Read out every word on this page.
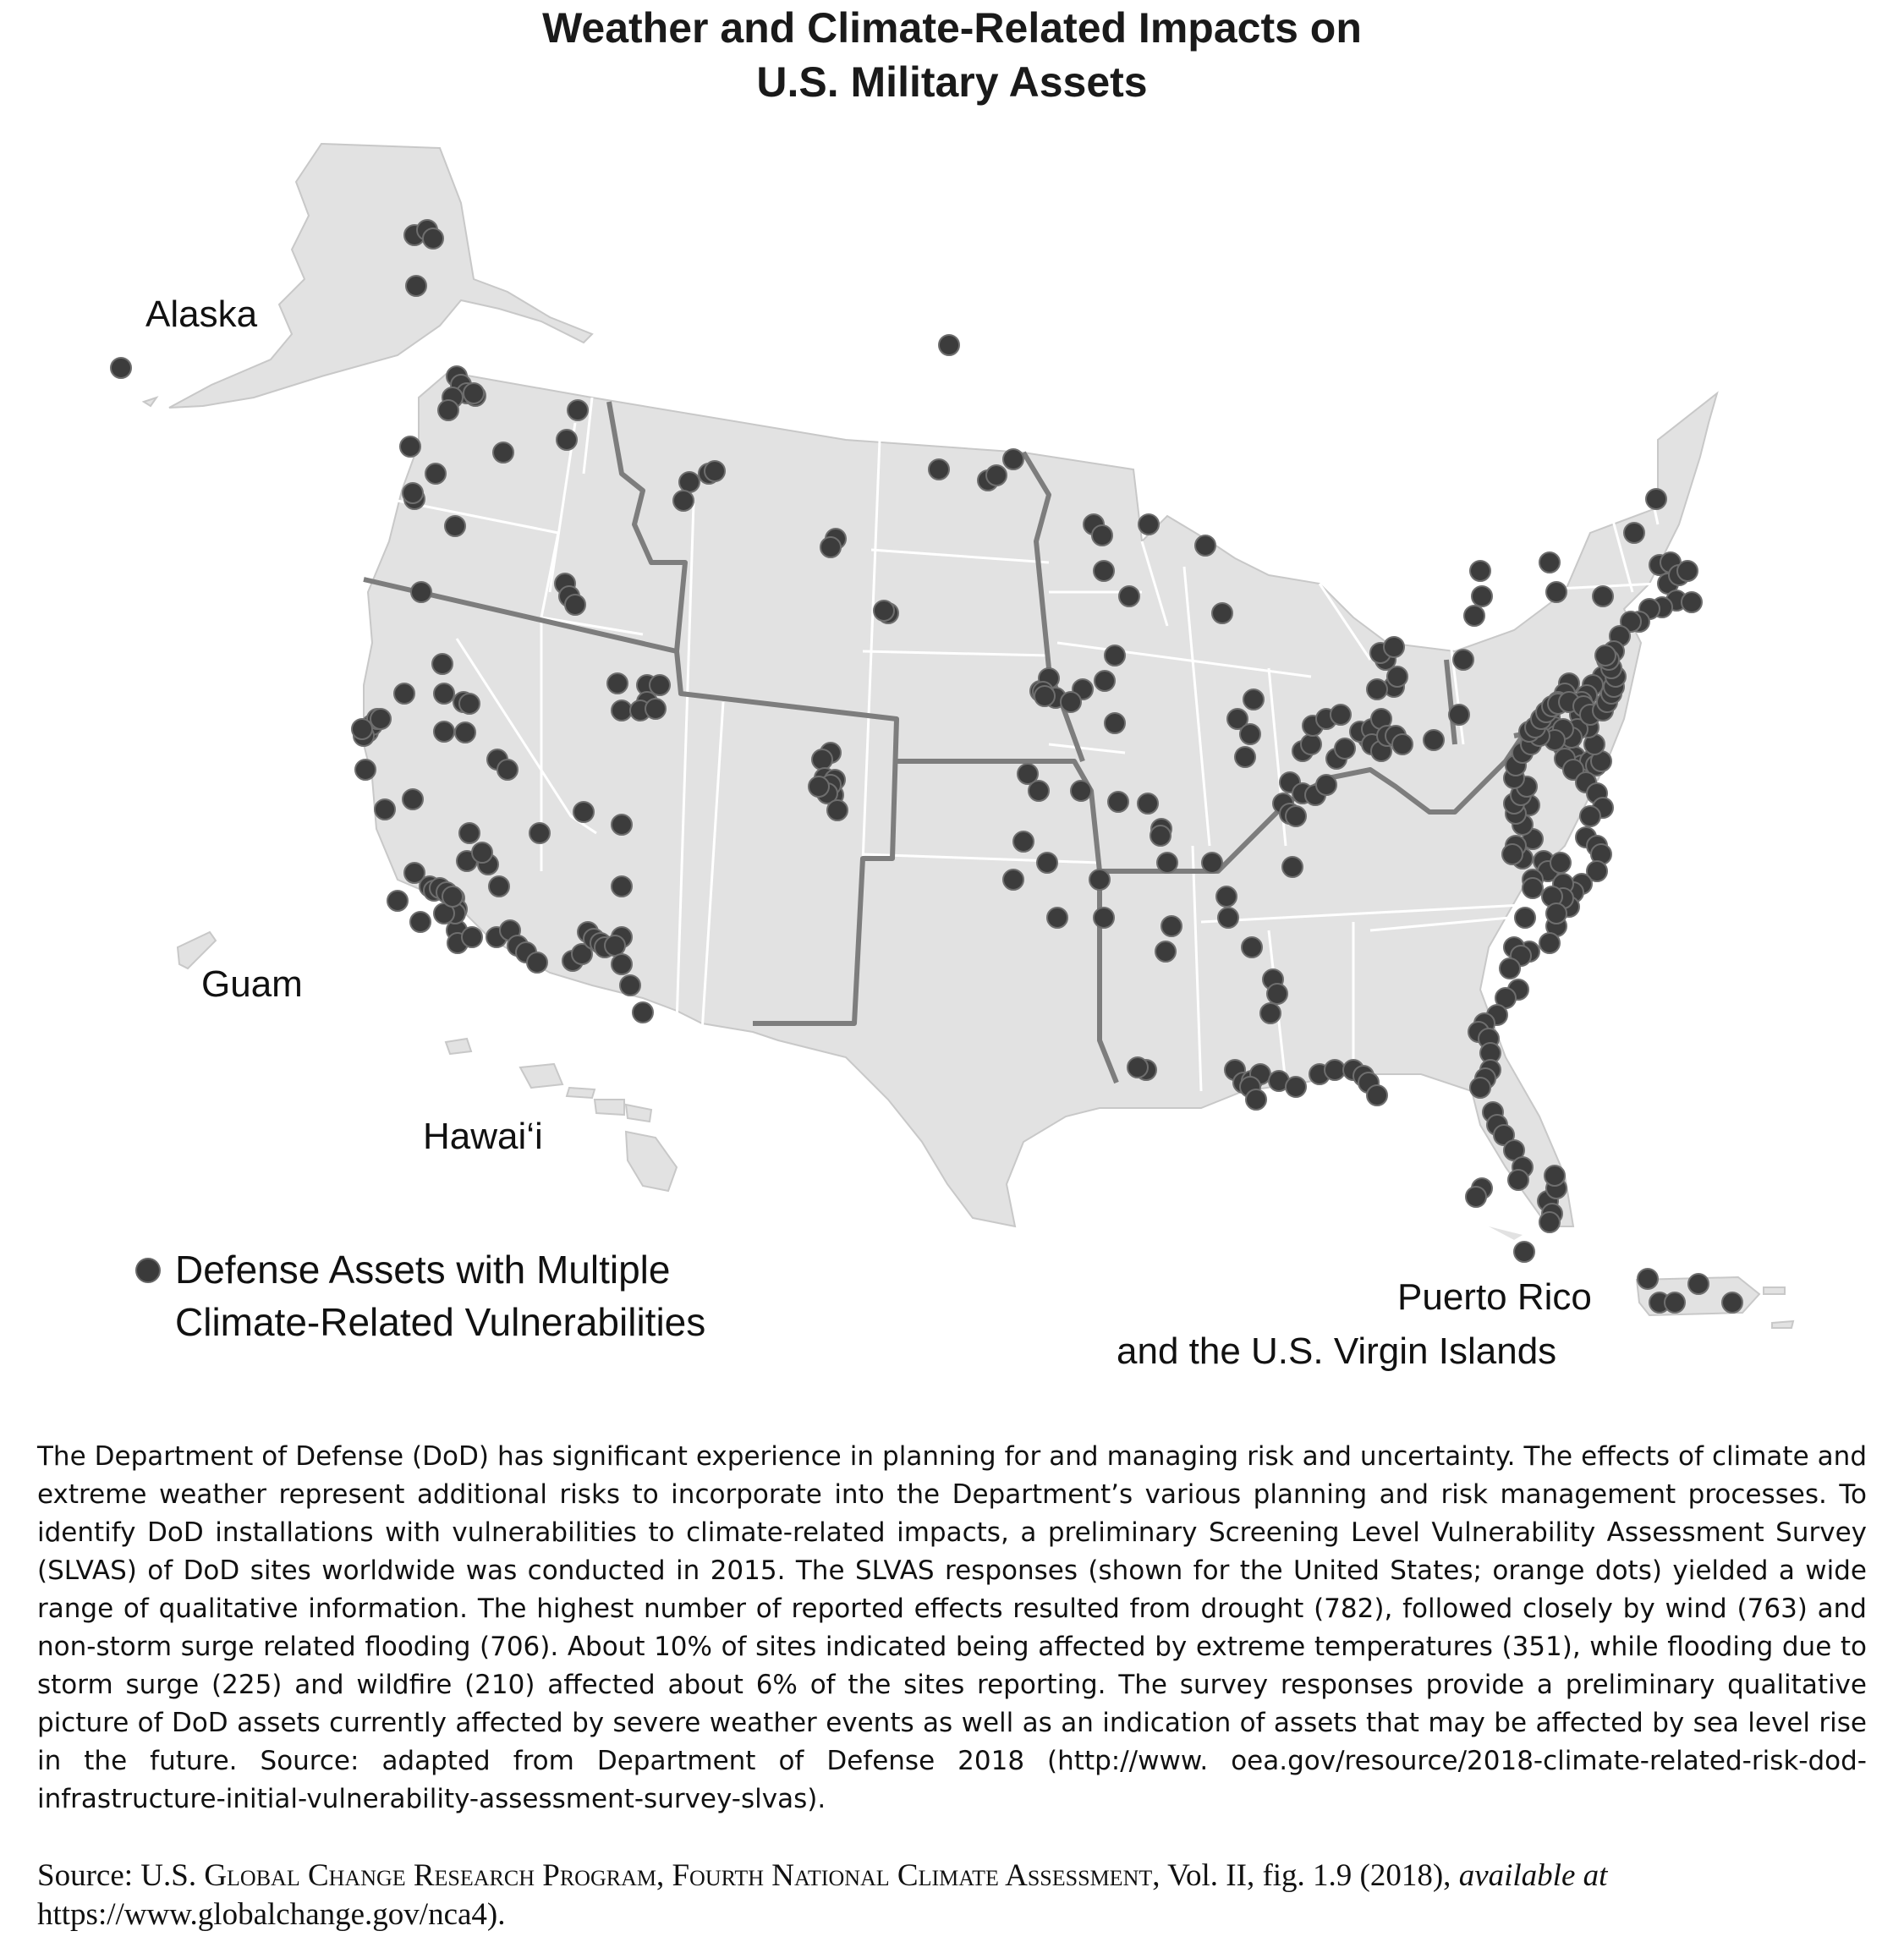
Weather and Climate-Related Impacts on
U.S. Military Assets
Alaska
Guam
Hawai‘i
Puerto Rico
and the U.S. Virgin Islands
Defense Assets with Multiple
Climate-Related Vulnerabilities
The Department of Defense (DoD) has significant experience in planning for and managing risk and uncertainty. The effects of climate and extreme weather represent additional risks to incorporate into the Department’s various planning and risk management processes. To identify DoD installations with vulnerabilities to climate-related impacts, a preliminary Screening Level Vulnerability Assessment Survey (SLVAS) of DoD sites worldwide was conducted in 2015. The SLVAS responses (shown for the United States; orange dots) yielded a wide range of qualitative information. The highest number of reported effects resulted from drought (782), followed closely by wind (763) and non-storm surge related flooding (706). About 10% of sites indicated being affected by extreme temperatures (351), while flooding due to storm surge (225) and wildfire (210) affected about 6% of the sites reporting. The survey responses provide a preliminary qualitative picture of DoD assets currently affected by severe weather events as well as an indication of assets that may be affected by sea level rise in the future. Source: adapted from Department of Defense 2018 (http://www. oea.gov/resource/2018-climate-related-risk-dod-infrastructure-initial-vulnerability-assessment-survey-slvas).
Source: U.S. Global Change Research Program, Fourth National Climate Assessment, Vol. II, fig. 1.9 (2018), available at https://www.globalchange.gov/nca4).
